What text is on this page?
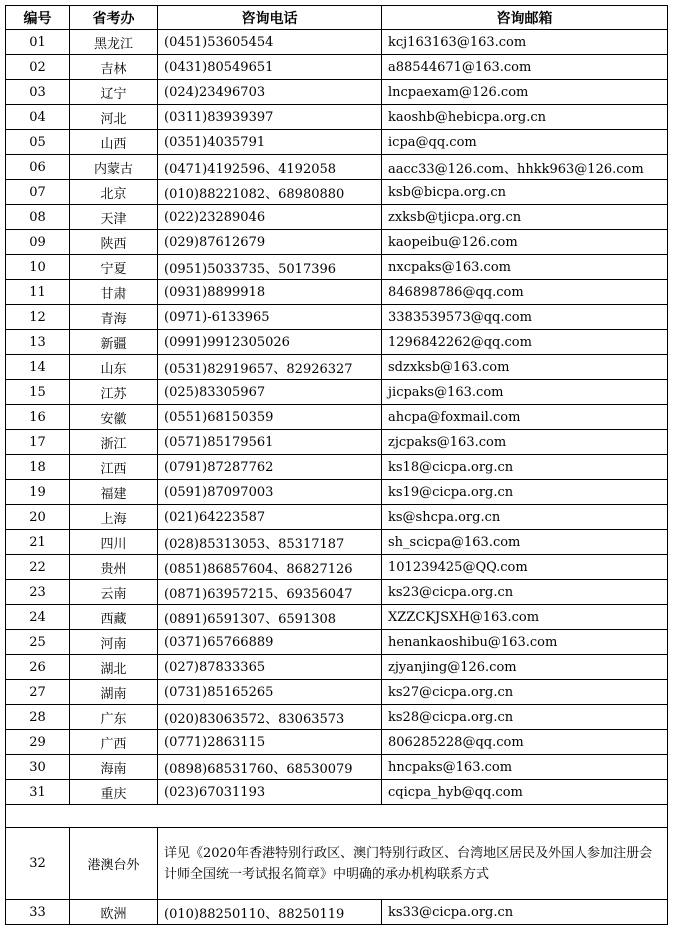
编号	省考办	咨询电话	咨询邮箱
01	黑龙江	(0451)53605454	kcj163163@163.com
02	吉林	(0431)80549651	a88544671@163.com
03	辽宁	(024)23496703	lncpaexam@126.com
04	河北	(0311)83939397	kaoshb@hebicpa.org.cn
05	山西	(0351)4035791	icpa@qq.com
06	内蒙古	(0471)4192596、4192058	aacc33@126.com、hhkk963@126.com
07	北京	(010)88221082、68980880	ksb@bicpa.org.cn
08	天津	(022)23289046	zxksb@tjicpa.org.cn
09	陕西	(029)87612679	kaopeibu@126.com
10	宁夏	(0951)5033735、5017396	nxcpaks@163.com
11	甘肃	(0931)8899918	846898786@qq.com
12	青海	(0971)-6133965	3383539573@qq.com
13	新疆	(0991)9912305026	1296842262@qq.com
14	山东	(0531)82919657、82926327	sdzxksb@163.com
15	江苏	(025)83305967	jicpaks@163.com
16	安徽	(0551)68150359	ahcpa@foxmail.com
17	浙江	(0571)85179561	zjcpaks@163.com
18	江西	(0791)87287762	ks18@cicpa.org.cn
19	福建	(0591)87097003	ks19@cicpa.org.cn
20	上海	(021)64223587	ks@shcpa.org.cn
21	四川	(028)85313053、85317187	sh_scicpa@163.com
22	贵州	(0851)86857604、86827126	101239425@QQ.com
23	云南	(0871)63957215、69356047	ks23@cicpa.org.cn
24	西藏	(0891)6591307、6591308	XZZCKJSXH@163.com
25	河南	(0371)65766889	henankaoshibu@163.com
26	湖北	(027)87833365	zjyanjing@126.com
27	湖南	(0731)85165265	ks27@cicpa.org.cn
28	广东	(020)83063572、83063573	ks28@cicpa.org.cn
29	广西	(0771)2863115	806285228@qq.com
30	海南	(0898)68531760、68530079	hncpaks@163.com
31	重庆	(023)67031193	cqicpa_hyb@qq.com

32	港澳台外	详见《2020年香港特别行政区、澳门特别行政区、台湾地区居民及外国人参加注册会计师全国统一考试报名简章》中明确的承办机构联系方式	
33	欧洲	(010)88250110、88250119	ks33@cicpa.org.cn
